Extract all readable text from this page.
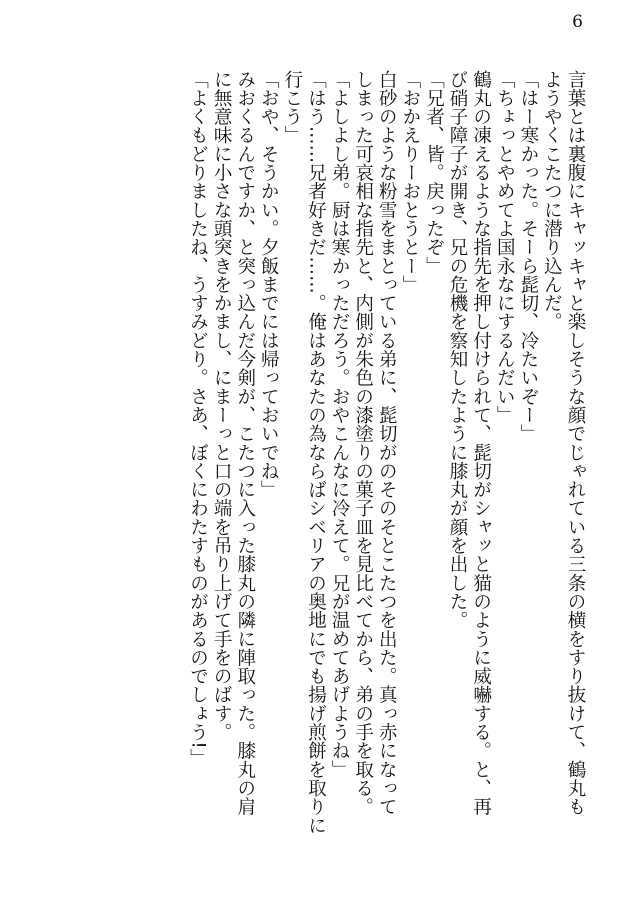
6
言葉とは裏腹にキャッキャと楽しそうな顔でじゃれている三条の横をすり抜けて、鶴丸も
ようやくこたつに潜り込んだ。
「はー寒かった。そーら髭切、冷たいぞー」
「ちょっとやめてよ国永なにするんだい」
鶴丸の凍えるような指先を押し付けられて、髭切がシャッと猫のように威嚇する。と、再
び硝子障子が開き、兄の危機を察知したように膝丸が顔を出した。
「兄者、皆。戻ったぞ」
「おかえりーおとうとー」
白砂のような粉雪をまとっている弟に、髭切がのそのそとこたつを出た。真っ赤になって
しまった可哀相な指先と、内側が朱色の漆塗りの菓子皿を見比べてから、弟の手を取る。
「よしよし弟。厨は寒かっただろう。おやこんなに冷えて。兄が温めてあげようね」
「はう……兄者好きだ……。俺はあなたの為ならばシベリアの奥地にでも揚げ煎餅を取りに
行こう」
「おや、そうかい。夕飯までには帰っておいでね」
みおくるんですか、と突っ込んだ今剣が、こたつに入った膝丸の隣に陣取った。膝丸の肩
に無意味に小さな頭突きをかまし、にまーっと口の端を吊り上げて手をのばす。
「よくもどりましたね、うすみどり。さあ、ぼくにわたすものがあるのでしょう!」
